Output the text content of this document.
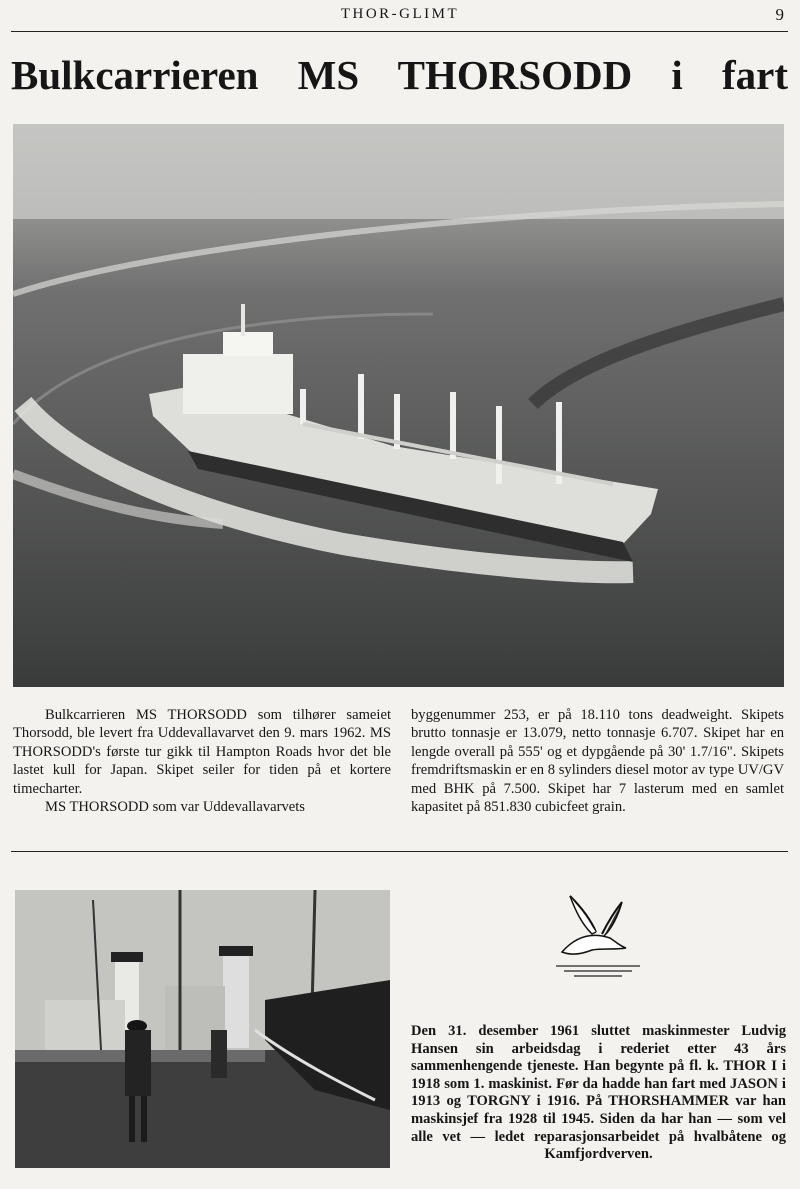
THOR-GLIMT	9
Bulkcarrieren MS THORSODD i fart

Bulkcarrieren MS THORSODD som tilhører sameiet Thorsodd, ble levert fra Uddevallavarvet den 9. mars 1962. MS THORSODD's første tur gikk til Hampton Roads hvor det ble lastet kull for Japan. Skipet seiler for tiden på et kortere timecharter.

MS THORSODD som var Uddevallavarvets

byggenummer 253, er på 18.110 tons deadweight. Skipets brutto tonnasje er 13.079, netto tonnasje 6.707. Skipet har en lengde overall på 555' og et dypgående på 30' 1.7/16". Skipets fremdriftsmaskin er en 8 sylinders diesel motor av type UV/GV med BHK på 7.500. Skipet har 7 lasterum med en samlet kapasitet på 851.830 cubicfeet grain.

Den 31. desember 1961 sluttet maskinmester Ludvig Hansen sin arbeidsdag i rederiet etter 43 års sammenhengende tjeneste. Han begynte på fl. k. THOR I i 1918 som 1. maskinist. Før da hadde han fart med JASON i 1913 og TORGNY i 1916. På THORSHAMMER var han maskinsjef fra 1928 til 1945. Siden da har han — som vel alle vet — ledet reparasjonsarbeidet på hvalbåtene og Kamfjordverven.
